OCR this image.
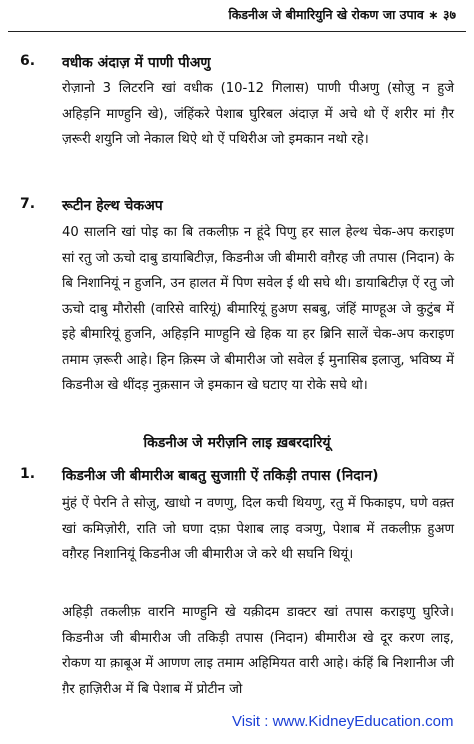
किडनीअ जे बीमारियुनि खे रोकण जा उपाव ∗ ३७
6. वधीक अंदाज़ में पाणी पीअणु

रोज़ानो 3 लिटरनि खां वधीक (10-12 गिलास) पाणी पीअणु (सोज़ु न हुजे अहिड़नि माण्हुनि खे), जंहिंकरे पेशाब घुरिबल अंदाज़ में अचे थो ऐं शरीर मां ग़ैर ज़रूरी शयुनि जो नेकाल थिऐ थो ऐं पथिरीअ जो इमकान नथो रहे।

7. रूटीन हेल्थ चेकअप

40 सालनि खां पोइ का बि तकलीफ़ न हूंदे पिणु हर साल हेल्थ चेक-अप कराइण सां रतु जो ऊचो दाबु डायाबिटीज़, किडनीअ जी बीमारी वग़ैरह जी तपास (निदान) के बि निशानियूं न हुजनि, उन हालत में पिण सवेल ई थी सघे थी। डायाबिटीज़ ऐं रतु जो ऊचो दाबु मौरोसी (वारिसे वारियूं) बीमारियूं हुअण सबबु, जंहिं माण्हूअ जे कुटुंब में इहे बीमारियूं हुजनि, अहिड़नि माण्हुनि खे हिक या हर ब्रिनि सालें चेक-अप कराइण तमाम ज़रूरी आहे। हिन क़िस्म जे बीमारीअ जो सवेल ई मुनासिब इलाजु, भविष्य में किडनीअ खे थींदड़ नुक़सान जे इमकान खे घटाए या रोके सघे थो।

किडनीअ जे मरीज़नि लाइ ख़बरदारियूं
1. किडनीअ जी बीमारीअ बाबतु सुजाग़ी ऐं तकिड़ी तपास (निदान)

मुंहं ऐं पेरनि ते सोज़ु, खाधो न वणणु, दिल कची थियणु, रतु में फिकाइप, घणे वक़्त खां कमिज़ोरी, राति जो घणा दफ़ा पेशाब लाइ वञणु, पेशाब में तकलीफ़ हुअण वग़ैरह निशानियूं किडनीअ जी बीमारीअ जे करे थी सघनि थियूं।

अहिड़ी तकलीफ़ वारनि माण्हुनि खे यक़ीदम डाक्टर खां तपास कराइणु घुरिजे। किडनीअ जी बीमारीअ जी तकिड़ी तपास (निदान) बीमारीअ खे दूर करण लाइ, रोकण या क़ाबूअ में आणण लाइ तमाम अहिमियत वारी आहे। कंहिं बि निशानीअ जी ग़ैर हाज़िरीअ में बि पेशाब में प्रोटीन जो

Visit : www.KidneyEducation.com
